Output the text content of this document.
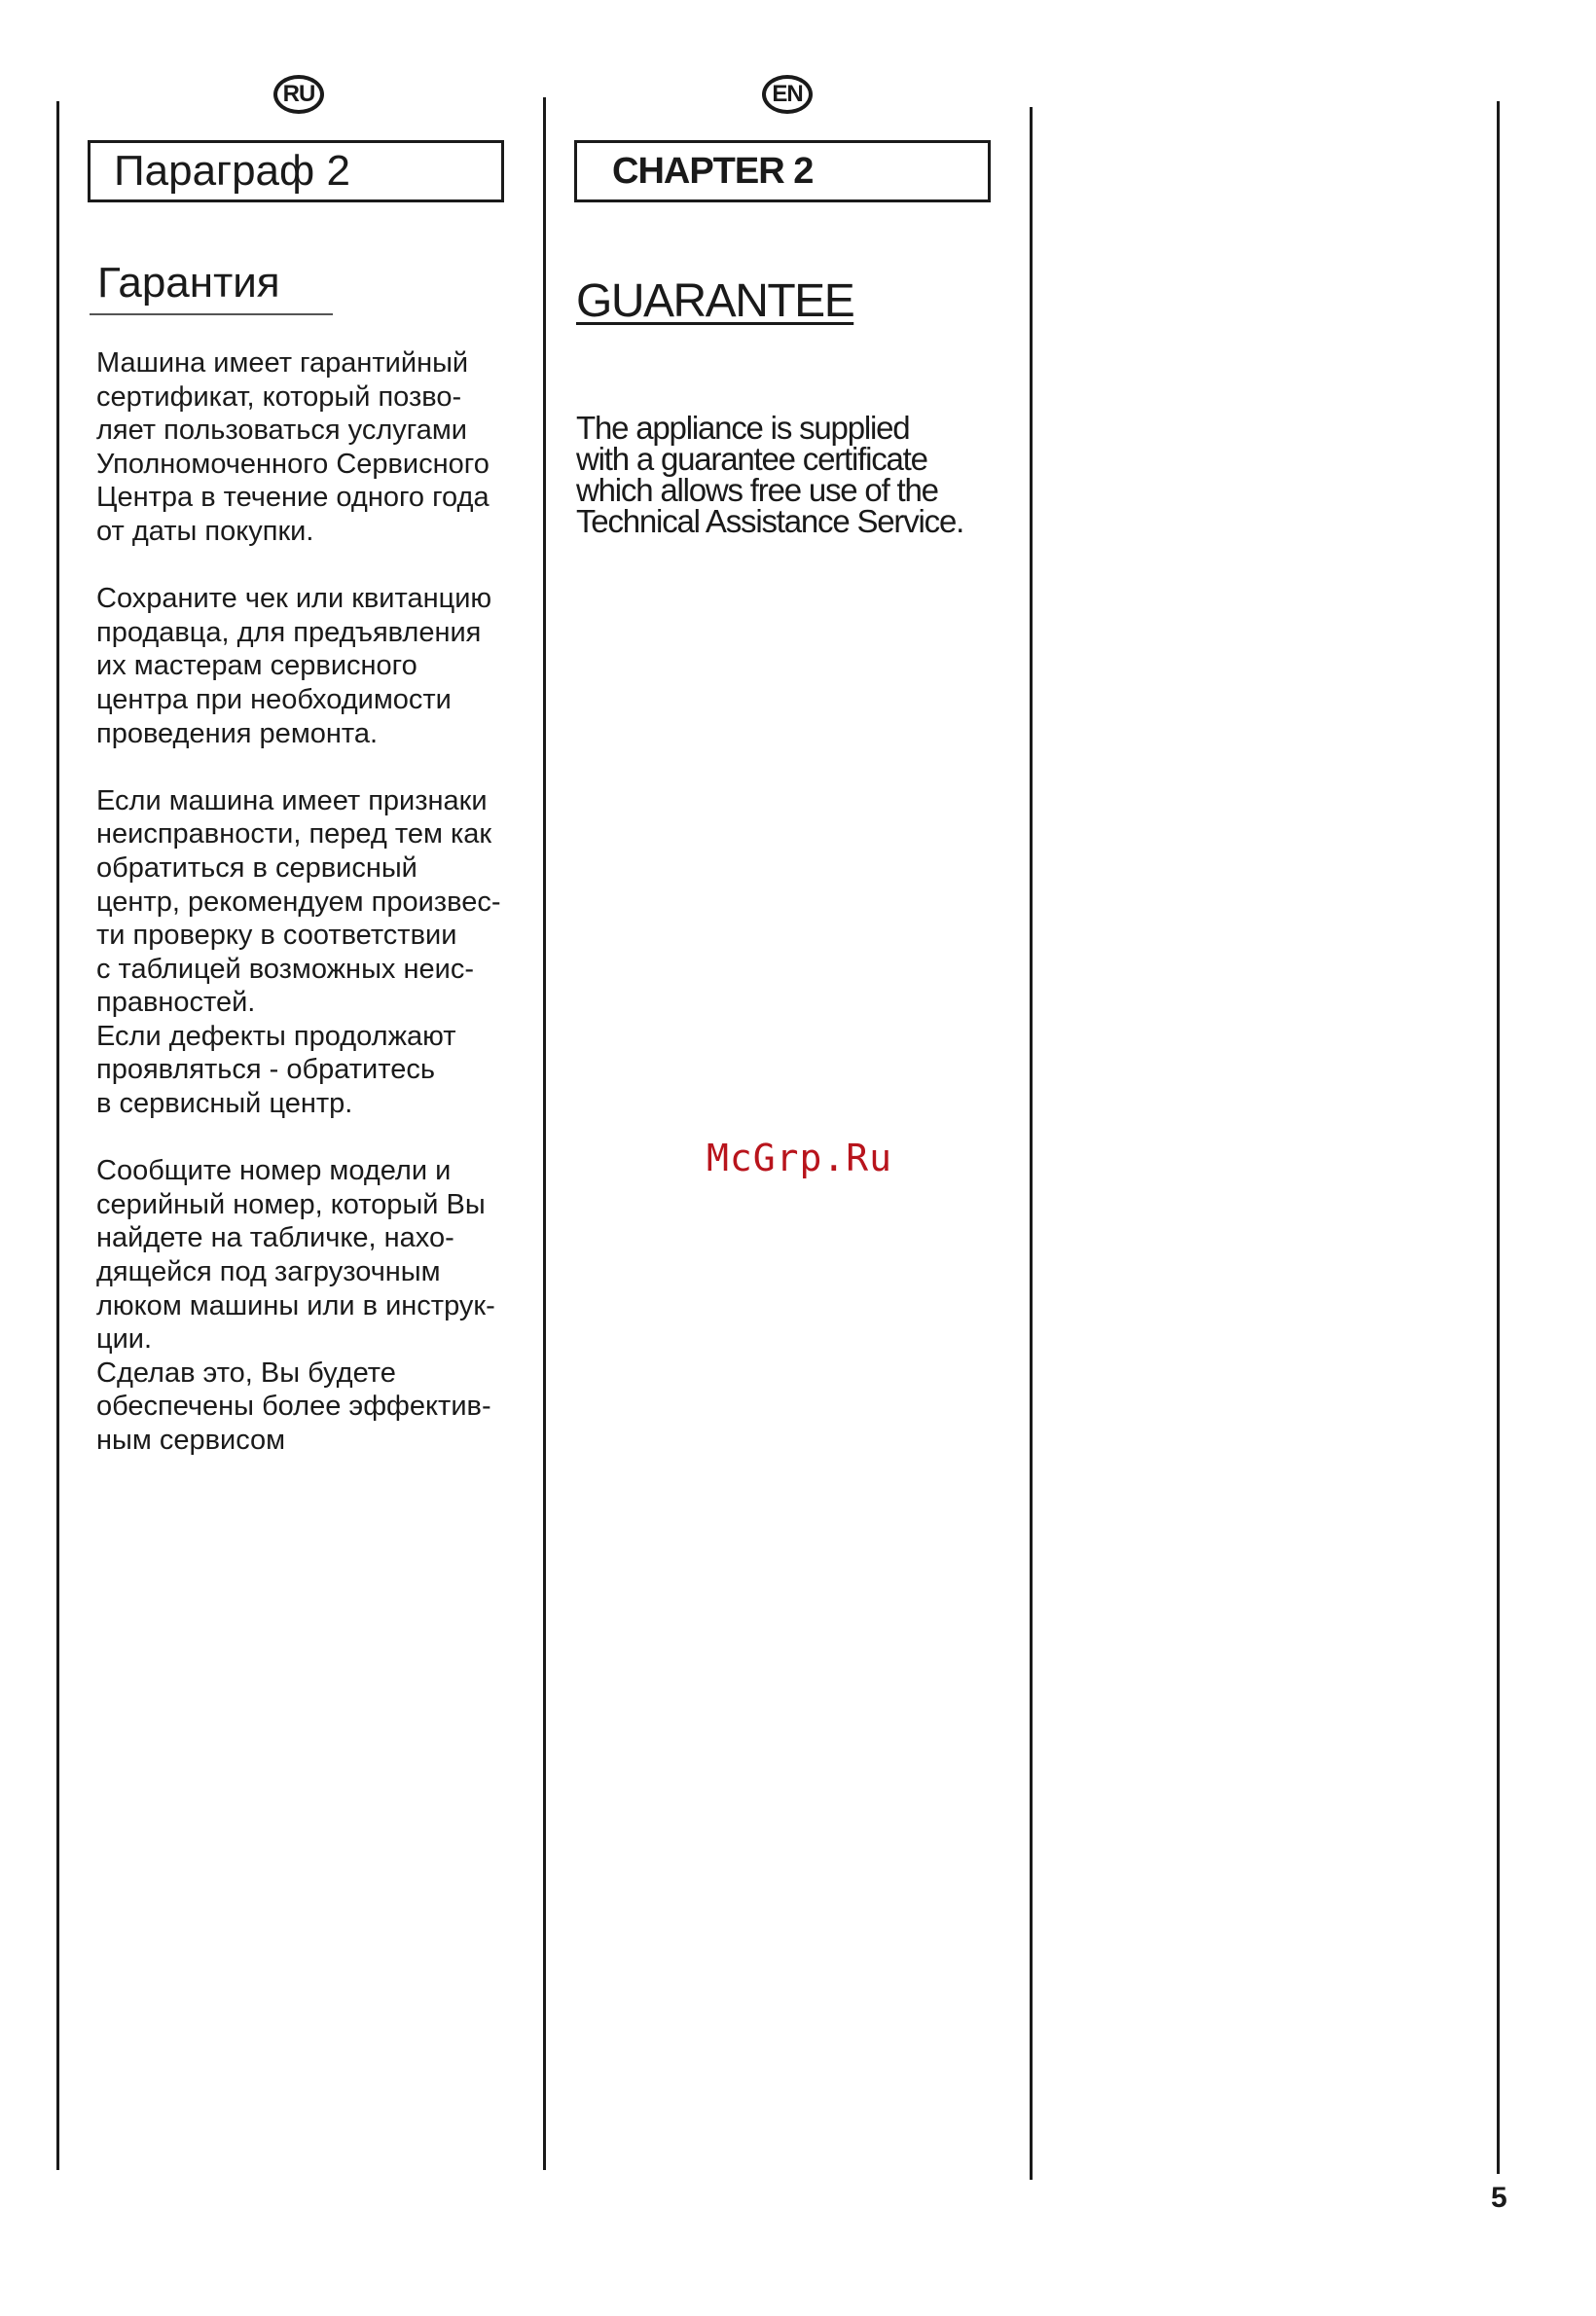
RU	EN
Параграф 2	CHAPTER 2
Гарантия	GUARANTEE

Машина имеет гарантийный
сертификат, который позво-
ляет пользоваться услугами
Уполномоченного Сервисного
Центра в течение одного года
от даты покупки.

Сохраните чек или квитанцию
продавца, для предъявления
их мастерам сервисного
центра при необходимости
проведения ремонта.

Если машина имеет признаки
неисправности, перед тем как
обратиться в сервисный
центр, рекомендуем произвес-
ти проверку в соответствии
с таблицей возможных неис-
правностей.
Если дефекты продолжают
проявляться - обратитесь
в сервисный центр.

Сообщите номер модели и
серийный номер, который Вы
найдете на табличке, нахо-
дящейся под загрузочным
люком машины или в инструк-
ции.
Сделав это, Вы будете
обеспечены более эффектив-
ным сервисом

The appliance is supplied
with a guarantee certificate
which allows free use of the
Technical Assistance Service.
McGrp.Ru
5
